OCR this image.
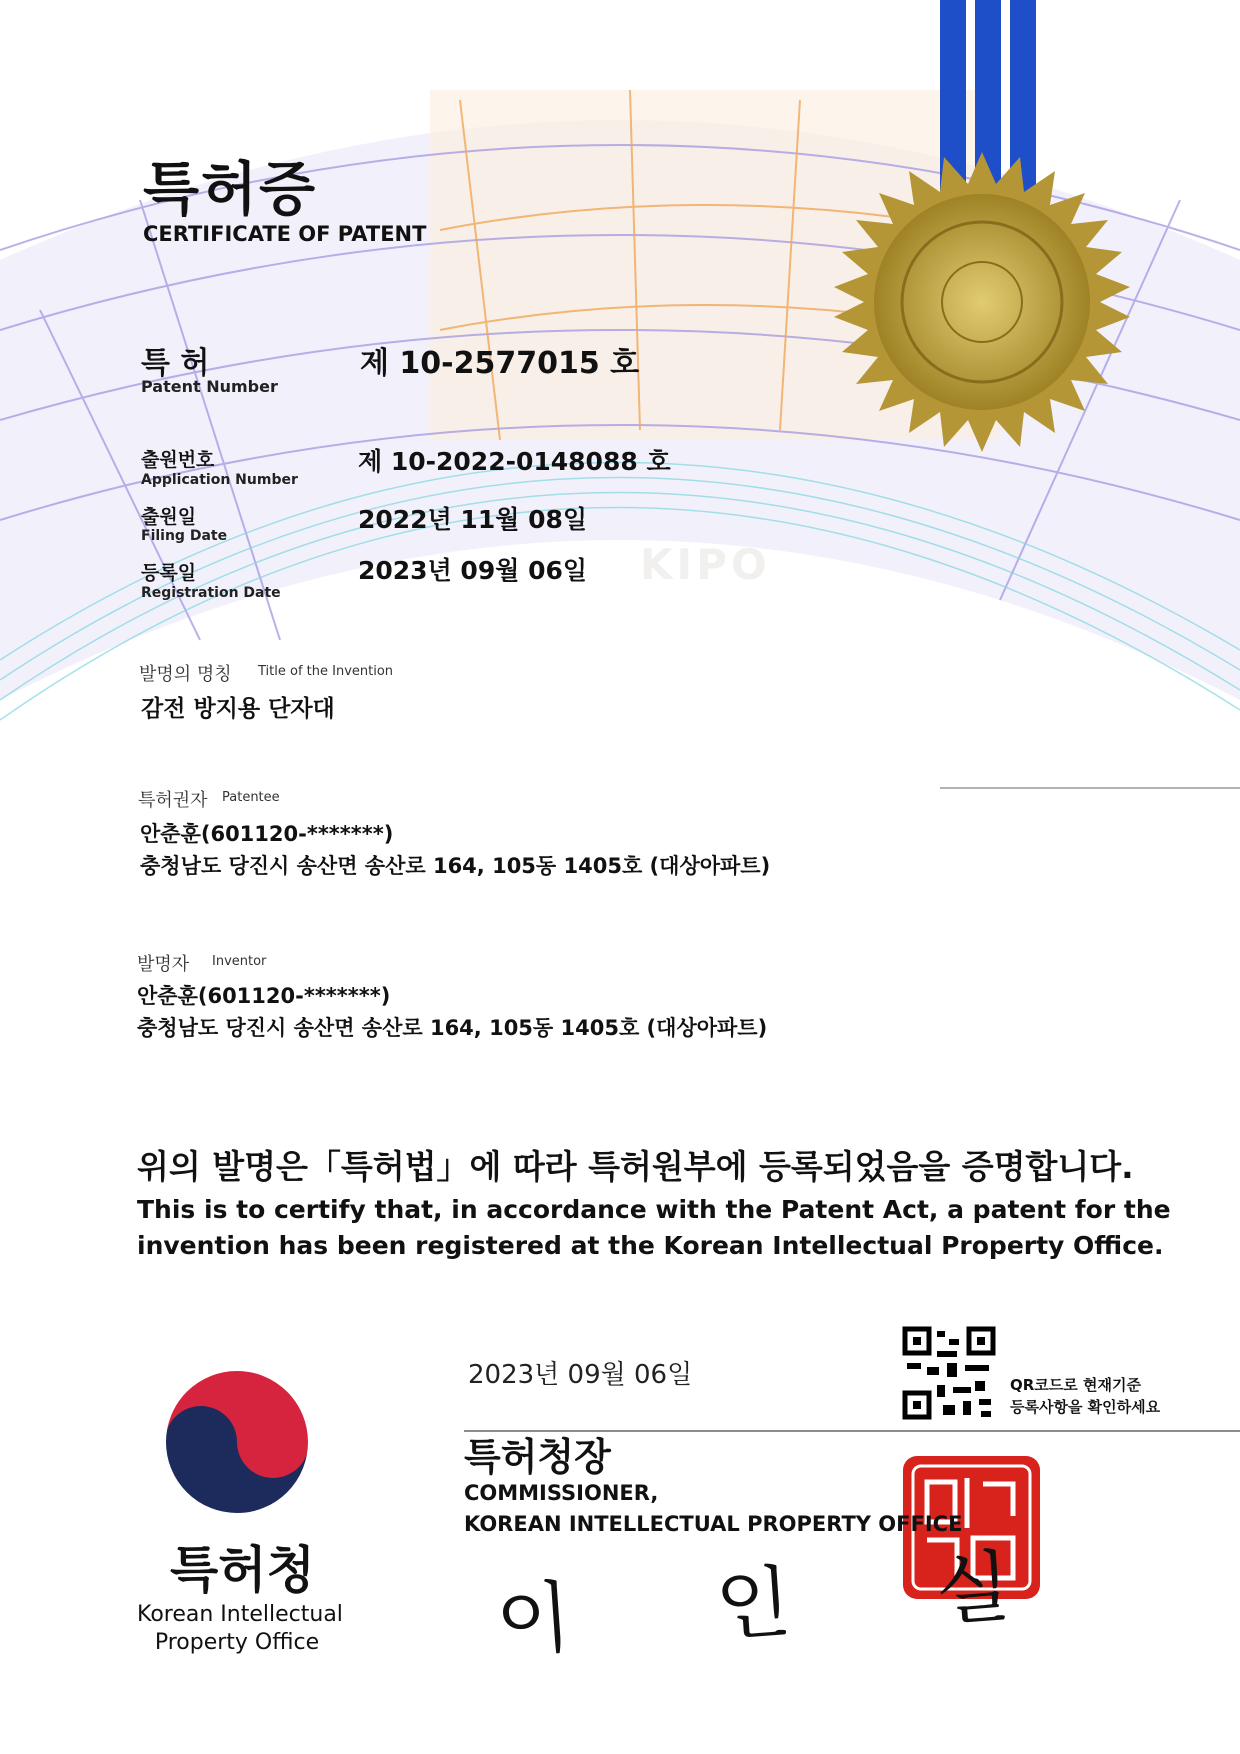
특허증
CERTIFICATE OF PATENT
특 허
Patent Number
제 10-2577015 호
출원번호
Application Number
제 10-2022-0148088 호
출원일
Filing Date
2022년 11월 08일
등록일
Registration Date
2023년 09월 06일 KIPO
발명의 명칭 Title of the Invention
감전 방지용 단자대
특허권자 Patentee
안춘훈(601120-*******)
충청남도 당진시 송산면 송산로 164, 105동 1405호 (대상아파트)
발명자 Inventor
안춘훈(601120-*******)
충청남도 당진시 송산면 송산로 164, 105동 1405호 (대상아파트)
위의 발명은「특허법」에 따라 특허원부에 등록되었음을 증명합니다.
This is to certify that, in accordance with the Patent Act, a patent for the
invention has been registered at the Korean Intellectual Property Office.
2023년 09월 06일	QR코드로 현재기준
등록사항을 확인하세요
특허청장
COMMISSIONER,
KOREAN INTELLECTUAL PROPERTY OFFICE
이 인 실
특허청
Korean Intellectual
Property Office
